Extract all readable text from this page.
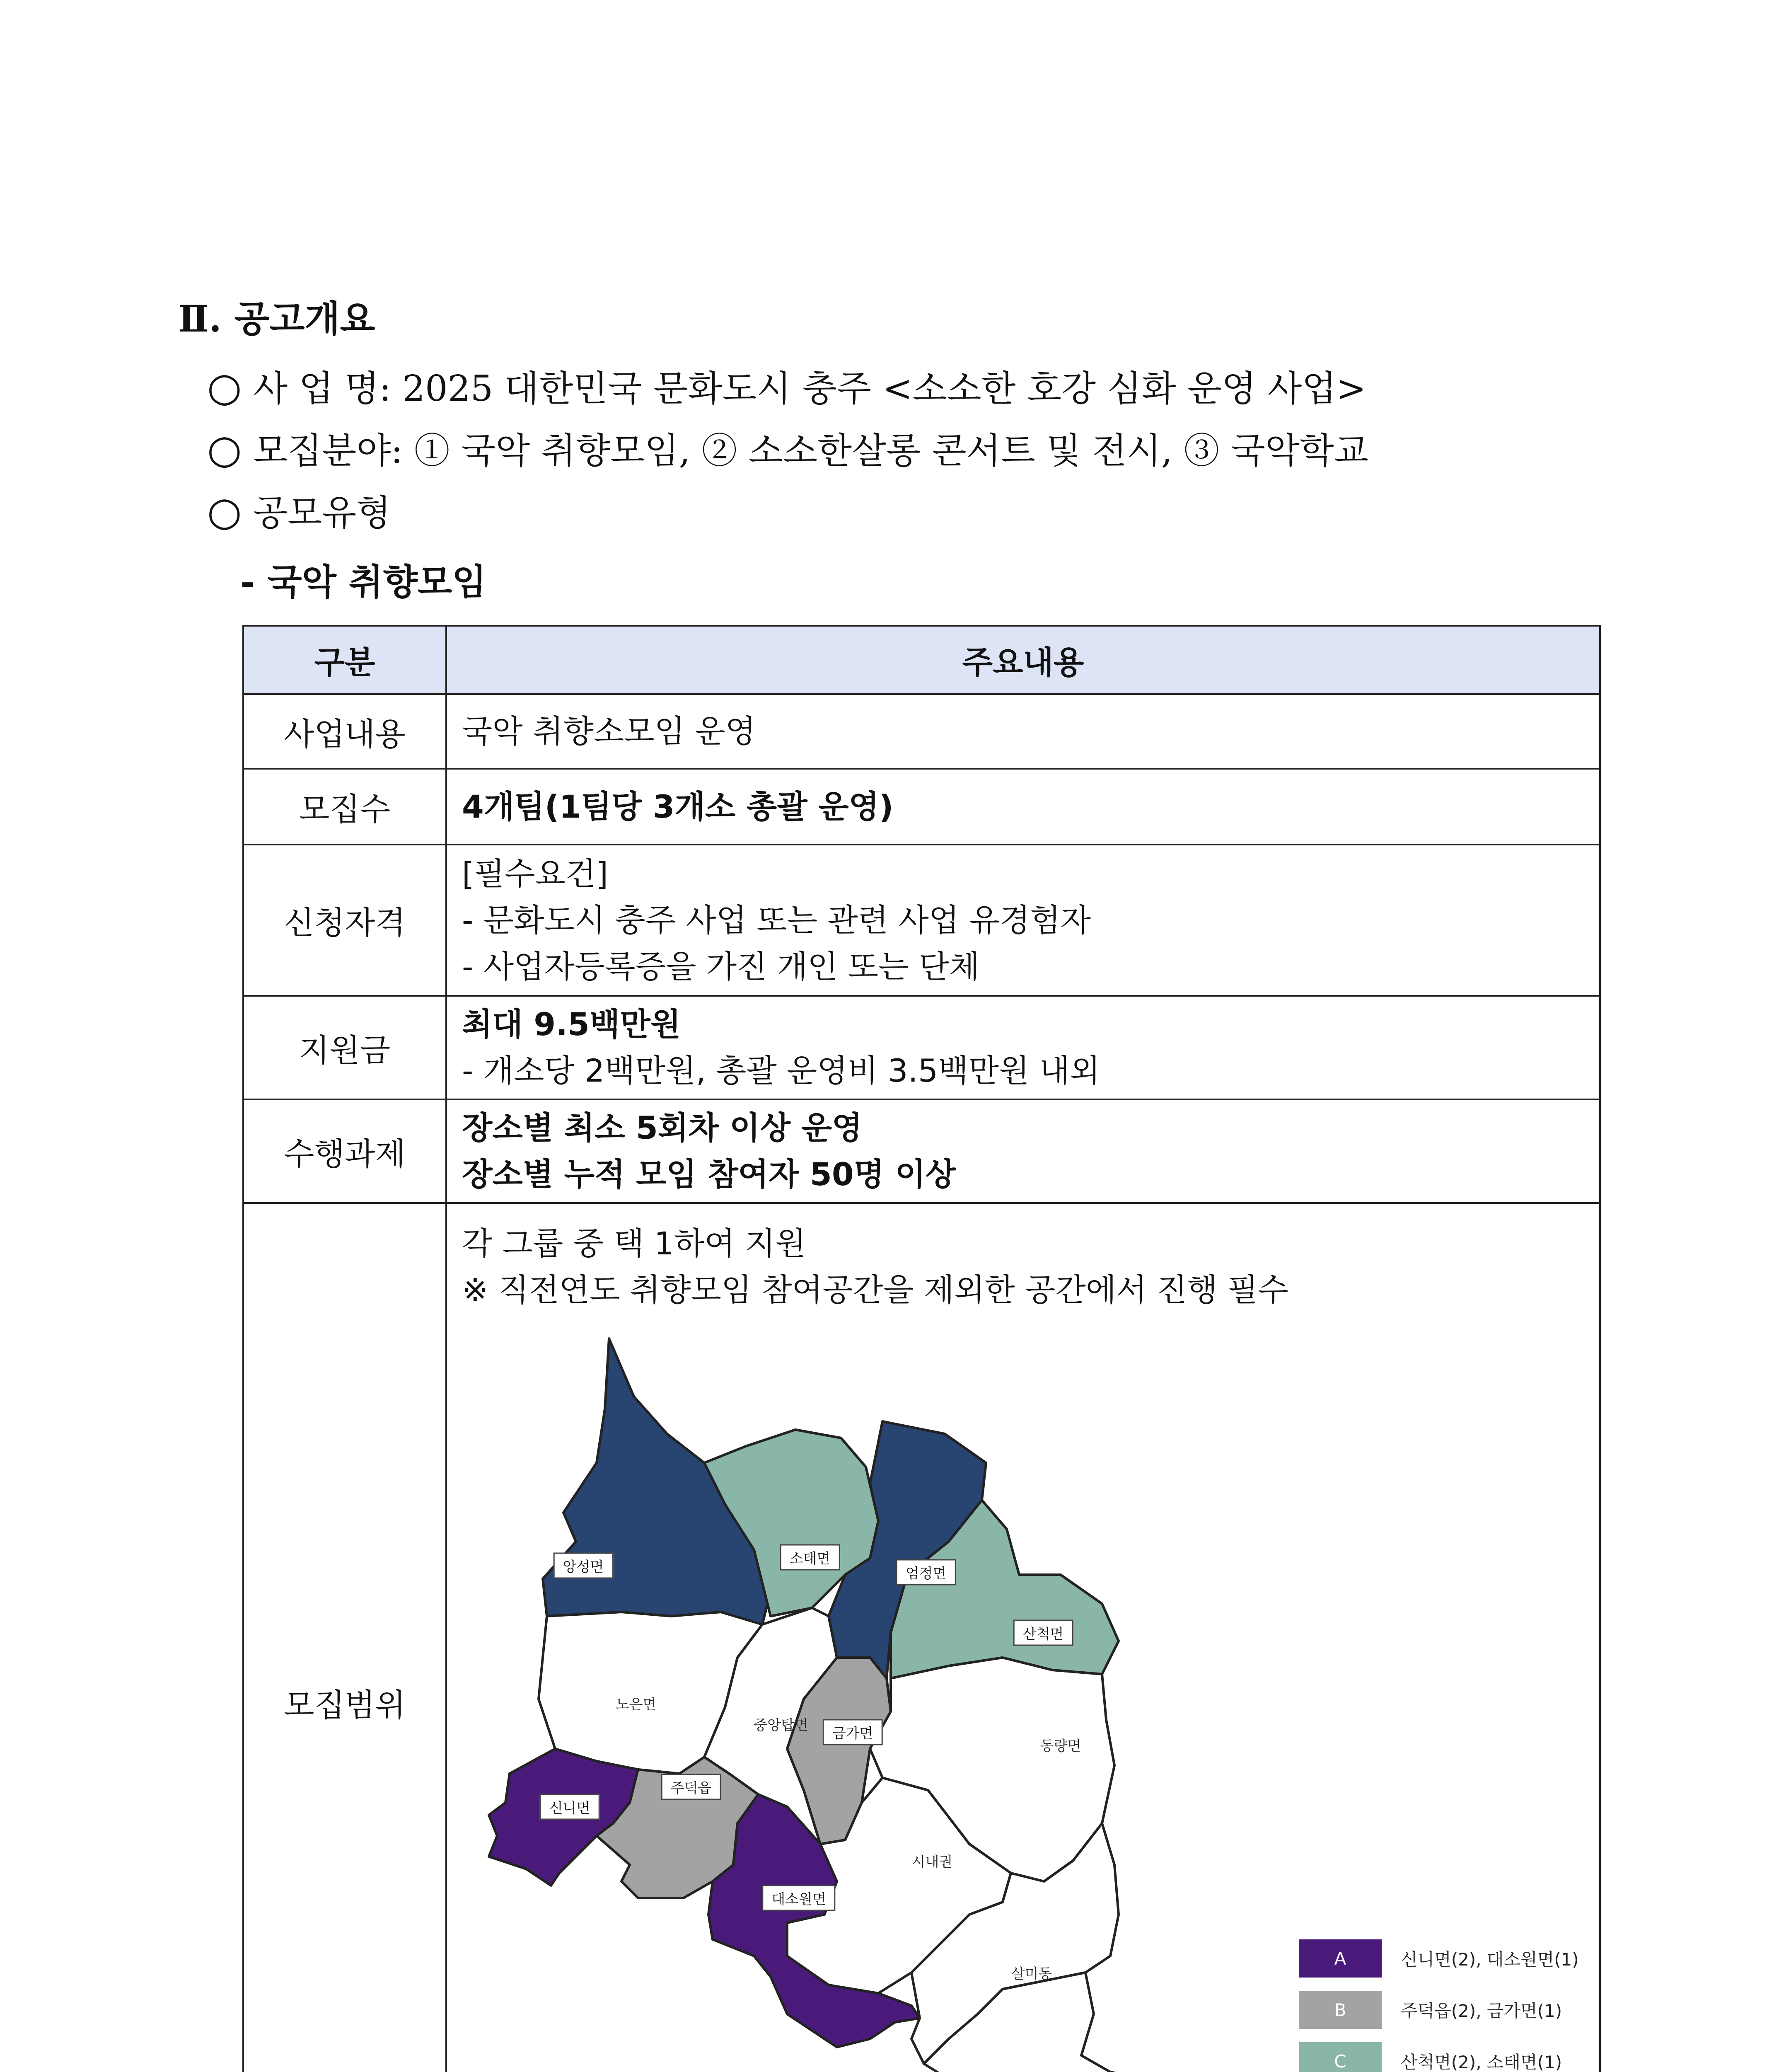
Ⅱ. 공고개요
○ 사 업 명: 2025 대한민국 문화도시 충주 <소소한 호강 심화 운영 사업>
○ 모집분야: ① 국악 취향모임, ② 소소한살롱 콘서트 및 전시, ③ 국악학교
○ 공모유형
- 국악 취향모임
구분	주요내용
사업내용	국악 취향소모임 운영
모집수	4개팀(1팀당 3개소 총괄 운영)
신청자격	[필수요건]
- 문화도시 충주 사업 또는 관련 사업 유경험자
- 사업자등록증을 가진 개인 또는 단체

지원금	최대 9.5백만원
- 개소당 2백만원, 총괄 운영비 3.5백만원 내외

수행과제	장소별 최소 5회차 이상 운영
장소별 누적 모임 참여자 50명 이상

모집범위	각 그룹 중 택 1하여 지원
※ 직전연도 취향모임 참여공간을 제외한 공간에서 진행 필수
앙성면	소태면
엄정면
산척면
노은면
중앙탑면	금가면
동량면
신니면
주덕읍
대소원면
시내권
살미동
A	신니면(2), 대소원면(1)
B	주덕읍(2), 금가면(1)
C	산척면(2), 소태면(1)
